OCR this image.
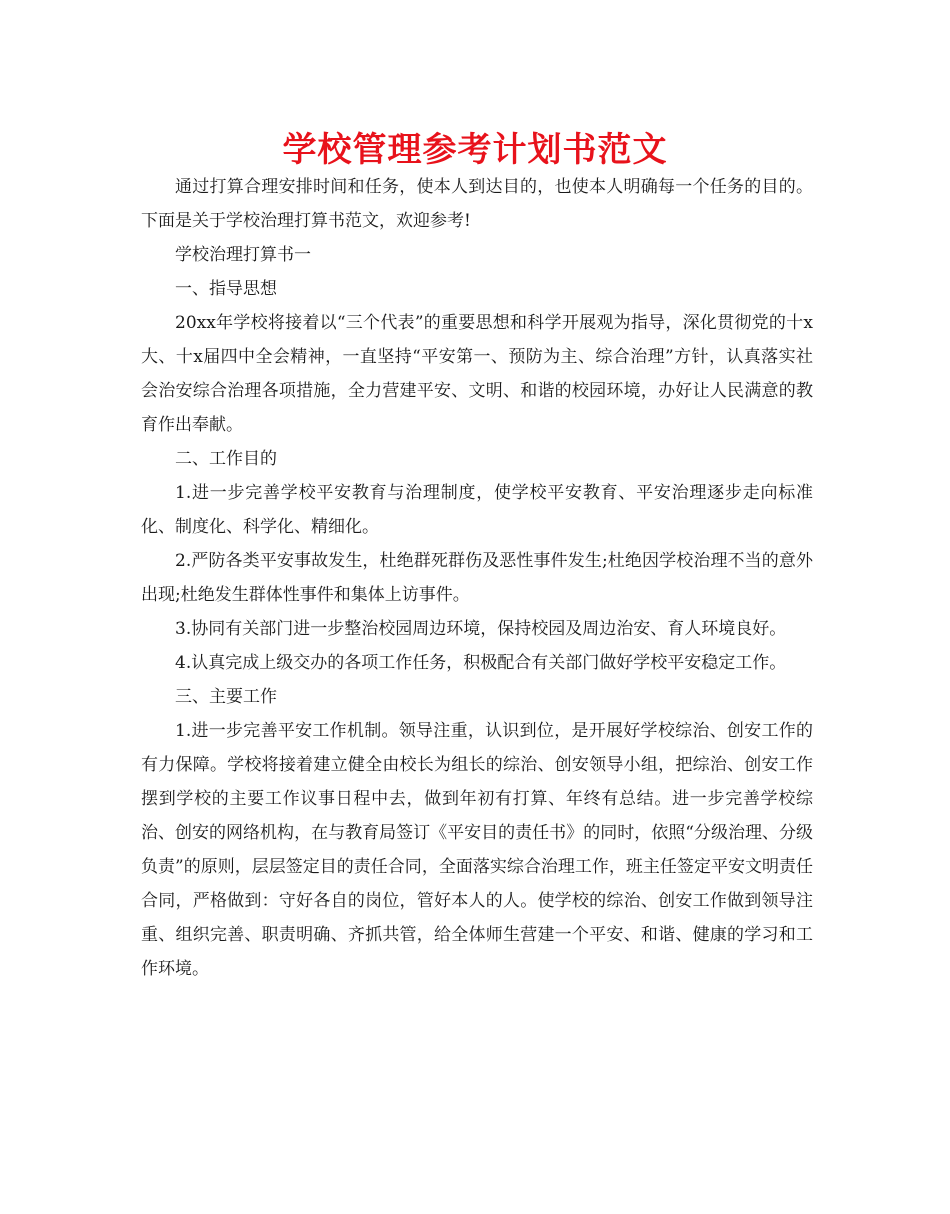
学校管理参考计划书范文

通过打算合理安排时间和任务，使本人到达目的，也使本人明确每一个任务的目的。下面是关于学校治理打算书范文，欢迎参考!

学校治理打算书一

一、指导思想

20xx年学校将接着以“三个代表”的重要思想和科学开展观为指导，深化贯彻党的十x大、十x届四中全会精神，一直坚持“平安第一、预防为主、综合治理”方针，认真落实社会治安综合治理各项措施，全力营建平安、文明、和谐的校园环境，办好让人民满意的教育作出奉献。

二、工作目的

1.进一步完善学校平安教育与治理制度，使学校平安教育、平安治理逐步走向标准化、制度化、科学化、精细化。

2.严防各类平安事故发生，杜绝群死群伤及恶性事件发生;杜绝因学校治理不当的意外出现;杜绝发生群体性事件和集体上访事件。

3.协同有关部门进一步整治校园周边环境，保持校园及周边治安、育人环境良好。

4.认真完成上级交办的各项工作任务，积极配合有关部门做好学校平安稳定工作。

三、主要工作

1.进一步完善平安工作机制。领导注重，认识到位，是开展好学校综治、创安工作的有力保障。学校将接着建立健全由校长为组长的综治、创安领导小组，把综治、创安工作摆到学校的主要工作议事日程中去，做到年初有打算、年终有总结。进一步完善学校综治、创安的网络机构，在与教育局签订《平安目的责任书》的同时，依照“分级治理、分级负责”的原则，层层签定目的责任合同，全面落实综合治理工作，班主任签定平安文明责任合同，严格做到：守好各自的岗位，管好本人的人。使学校的综治、创安工作做到领导注重、组织完善、职责明确、齐抓共管，给全体师生营建一个平安、和谐、健康的学习和工作环境。
